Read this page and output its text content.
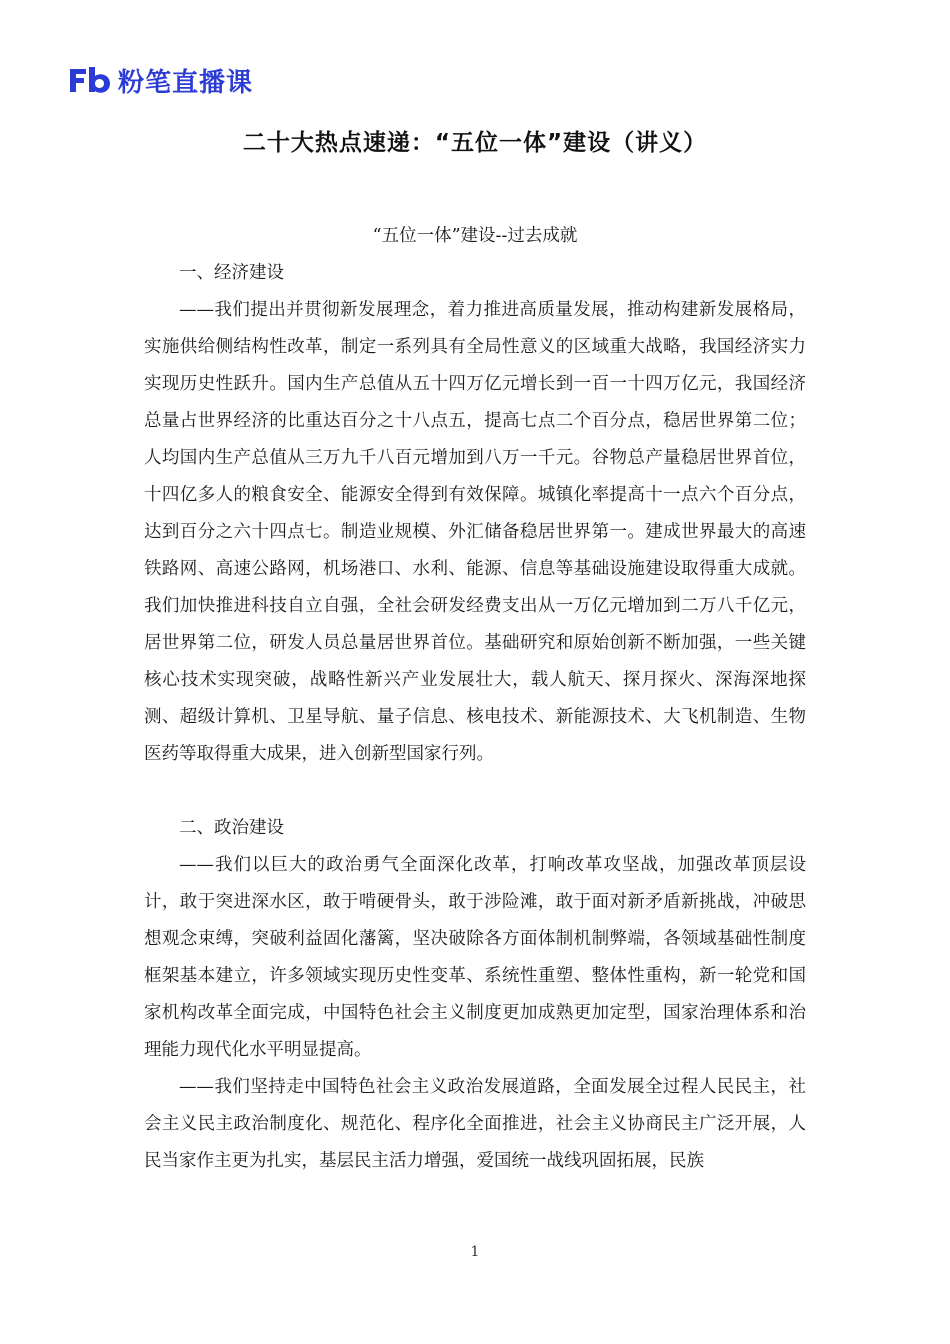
粉笔直播课
二十大热点速递：“五位一体”建设（讲义）

“五位一体”建设--过去成就

一、经济建设

——我们提出并贯彻新发展理念，着力推进高质量发展，推动构建新发展格局，实施供给侧结构性改革，制定一系列具有全局性意义的区域重大战略，我国经济实力实现历史性跃升。国内生产总值从五十四万亿元增长到一百一十四万亿元，我国经济总量占世界经济的比重达百分之十八点五，提高七点二个百分点，稳居世界第二位；人均国内生产总值从三万九千八百元增加到八万一千元。谷物总产量稳居世界首位，十四亿多人的粮食安全、能源安全得到有效保障。城镇化率提高十一点六个百分点，达到百分之六十四点七。制造业规模、外汇储备稳居世界第一。建成世界最大的高速铁路网、高速公路网，机场港口、水利、能源、信息等基础设施建设取得重大成就。我们加快推进科技自立自强，全社会研发经费支出从一万亿元增加到二万八千亿元，居世界第二位，研发人员总量居世界首位。基础研究和原始创新不断加强，一些关键核心技术实现突破，战略性新兴产业发展壮大，载人航天、探月探火、深海深地探测、超级计算机、卫星导航、量子信息、核电技术、新能源技术、大飞机制造、生物医药等取得重大成果，进入创新型国家行列。

二、政治建设

——我们以巨大的政治勇气全面深化改革，打响改革攻坚战，加强改革顶层设计，敢于突进深水区，敢于啃硬骨头，敢于涉险滩，敢于面对新矛盾新挑战，冲破思想观念束缚，突破利益固化藩篱，坚决破除各方面体制机制弊端，各领域基础性制度框架基本建立，许多领域实现历史性变革、系统性重塑、整体性重构，新一轮党和国家机构改革全面完成，中国特色社会主义制度更加成熟更加定型，国家治理体系和治理能力现代化水平明显提高。

——我们坚持走中国特色社会主义政治发展道路，全面发展全过程人民民主，社会主义民主政治制度化、规范化、程序化全面推进，社会主义协商民主广泛开展，人民当家作主更为扎实，基层民主活力增强，爱国统一战线巩固拓展，民族

1
